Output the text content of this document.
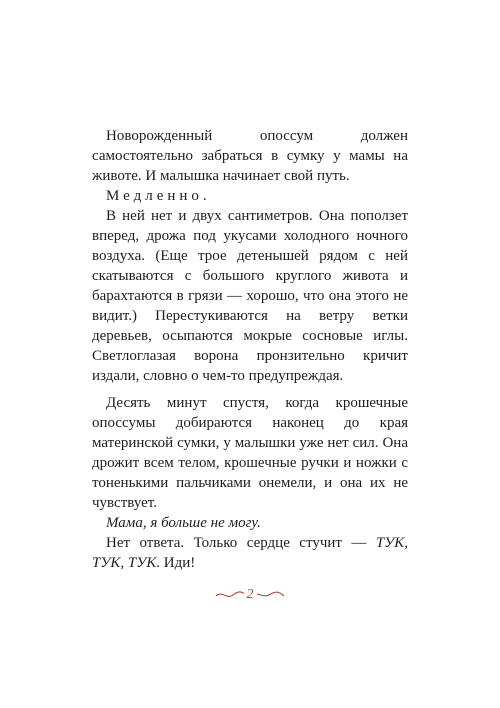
Новорожденный опоссум должен самостоятельно забраться в сумку у мамы на животе. И малышка начинает свой путь.

Медленно.

В ней нет и двух сантиметров. Она поползет вперед, дрожа под укусами холодного ночного воздуха. (Еще трое детенышей рядом с ней скатываются с большого круглого живота и барахтаются в грязи — хорошо, что она этого не видит.) Перестукиваются на ветру ветки деревьев, осыпаются мокрые сосновые иглы. Светлоглазая ворона пронзительно кричит издали, словно о чем-то предупреждая.

Десять минут спустя, когда крошечные опоссумы добираются наконец до края материнской сумки, у малышки уже нет сил. Она дрожит всем телом, крошечные ручки и ножки с тоненькими пальчиками онемели, и она их не чувствует.

Мама, я больше не могу.

Нет ответа. Только сердце стучит — ТУК, ТУК, ТУК. Иди!

2
